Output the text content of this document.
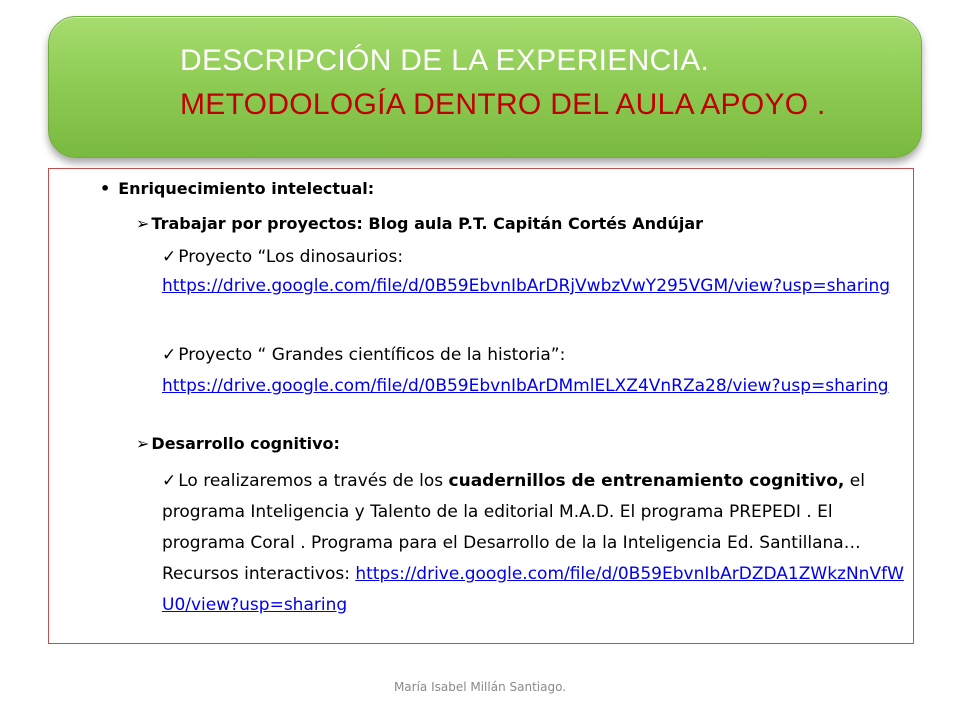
DESCRIPCIÓN DE LA EXPERIENCIA.
METODOLOGÍA DENTRO DEL AULA APOYO .
• Enriquecimiento intelectual:
➢ Trabajar por proyectos: Blog aula P.T. Capitán Cortés Andújar
✓ Proyecto “Los dinosaurios:
https://drive.google.com/file/d/0B59EbvnIbArDRjVwbzVwY295VGM/view?usp=sharing
✓ Proyecto “ Grandes científicos de la historia”:
https://drive.google.com/file/d/0B59EbvnIbArDMmlELXZ4VnRZa28/view?usp=sharing
➢ Desarrollo cognitivo:
✓ Lo realizaremos a través de los cuadernillos de entrenamiento cognitivo, el programa Inteligencia y Talento de la editorial M.A.D. El programa PREPEDI . El programa Coral . Programa para el Desarrollo de la la Inteligencia Ed. Santillana… Recursos interactivos: https://drive.google.com/file/d/0B59EbvnIbArDZDA1ZWkzNnVfWU0/view?usp=sharing
María Isabel Millán Santiago.
